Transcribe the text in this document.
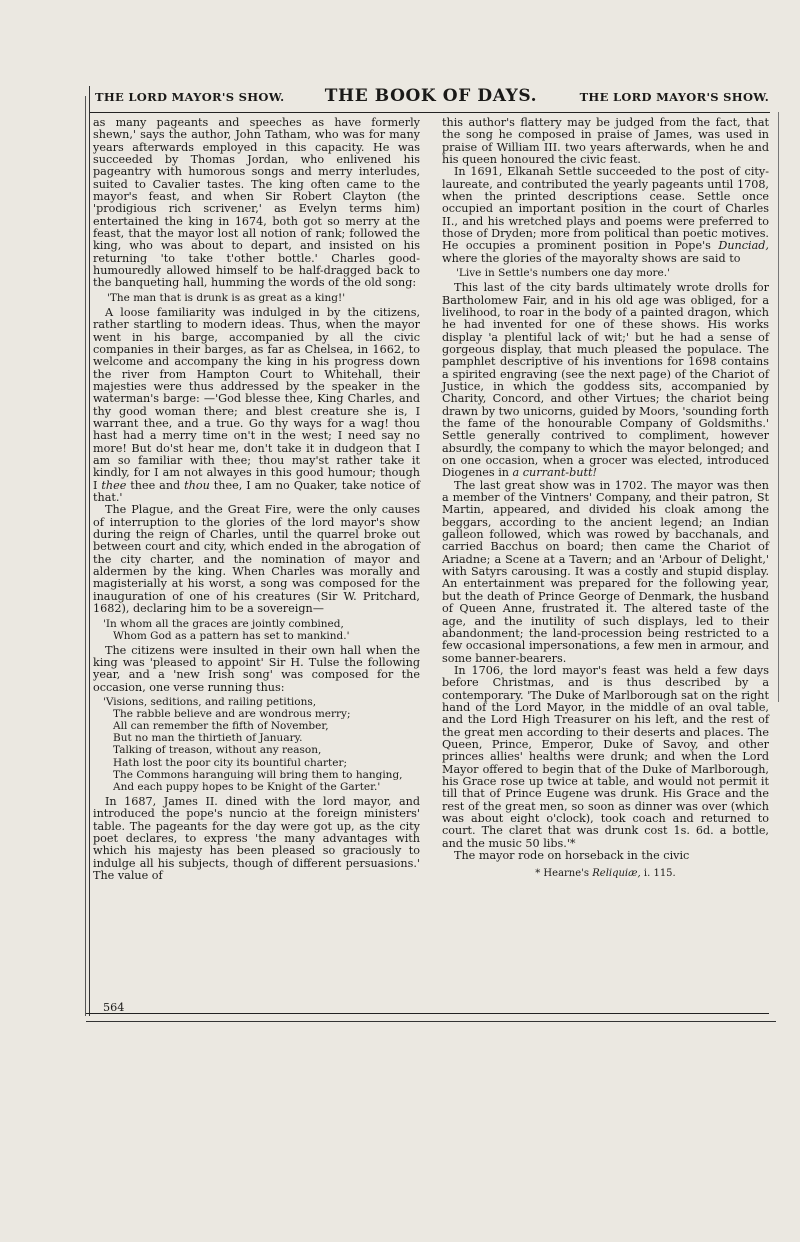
THE LORD MAYOR'S SHOW.	THE BOOK OF DAYS.	THE LORD MAYOR'S SHOW.

as many pageants and speeches as have formerly shewn,' says the author, John Tatham, who was for many years afterwards employed in this capacity. He was succeeded by Thomas Jordan, who enlivened his pageantry with humorous songs and merry interludes, suited to Cavalier tastes. The king often came to the mayor's feast, and when Sir Robert Clayton (the 'prodigious rich scrivener,' as Evelyn terms him) entertained the king in 1674, both got so merry at the feast, that the mayor lost all notion of rank; followed the king, who was about to depart, and insisted on his returning 'to take t'other bottle.' Charles good-humouredly allowed himself to be half-dragged back to the banqueting hall, humming the words of the old song:

'The man that is drunk is as great as a king!'

A loose familiarity was indulged in by the citizens, rather startling to modern ideas. Thus, when the mayor went in his barge, accompanied by all the civic companies in their barges, as far as Chelsea, in 1662, to welcome and accompany the king in his progress down the river from Hampton Court to Whitehall, their majesties were thus addressed by the speaker in the waterman's barge: —'God blesse thee, King Charles, and thy good woman there; and blest creature she is, I warrant thee, and a true. Go thy ways for a wag! thou hast had a merry time on't in the west; I need say no more! But do'st hear me, don't take it in dudgeon that I am so familiar with thee; thou may'st rather take it kindly, for I am not alwayes in this good humour; though I thee thee and thou thee, I am no Quaker, take notice of that.'

The Plague, and the Great Fire, were the only causes of interruption to the glories of the lord mayor's show during the reign of Charles, until the quarrel broke out between court and city, which ended in the abrogation of the city charter, and the nomination of mayor and aldermen by the king. When Charles was morally and magisterially at his worst, a song was composed for the inauguration of one of his creatures (Sir W. Pritchard, 1682), declaring him to be a sovereign—

'In whom all the graces are jointly combined,
Whom God as a pattern has set to mankind.'

The citizens were insulted in their own hall when the king was 'pleased to appoint' Sir H. Tulse the following year, and a 'new Irish song' was composed for the occasion, one verse running thus:

'Visions, seditions, and railing petitions,
The rabble believe and are wondrous merry;
All can remember the fifth of November,
But no man the thirtieth of January.
Talking of treason, without any reason,
Hath lost the poor city its bountiful charter;
The Commons haranguing will bring them to hanging,
And each puppy hopes to be Knight of the Garter.'

In 1687, James II. dined with the lord mayor, and introduced the pope's nuncio at the foreign ministers' table. The pageants for the day were got up, as the city poet declares, to express 'the many advantages with which his majesty has been pleased so graciously to indulge all his subjects, though of different persuasions.' The value of

564

this author's flattery may be judged from the fact, that the song he composed in praise of James, was used in praise of William III. two years afterwards, when he and his queen honoured the civic feast.

In 1691, Elkanah Settle succeeded to the post of city-laureate, and contributed the yearly pageants until 1708, when the printed descriptions cease. Settle once occupied an important position in the court of Charles II., and his wretched plays and poems were preferred to those of Dryden; more from political than poetic motives. He occupies a prominent position in Pope's Dunciad, where the glories of the mayoralty shows are said to

'Live in Settle's numbers one day more.'

This last of the city bards ultimately wrote drolls for Bartholomew Fair, and in his old age was obliged, for a livelihood, to roar in the body of a painted dragon, which he had invented for one of these shows. His works display 'a plentiful lack of wit;' but he had a sense of gorgeous display, that much pleased the populace. The pamphlet descriptive of his inventions for 1698 contains a spirited engraving (see the next page) of the Chariot of Justice, in which the goddess sits, accompanied by Charity, Concord, and other Virtues; the chariot being drawn by two unicorns, guided by Moors, 'sounding forth the fame of the honourable Company of Goldsmiths.' Settle generally contrived to compliment, however absurdly, the company to which the mayor belonged; and on one occasion, when a grocer was elected, introduced Diogenes in a currant-butt!

The last great show was in 1702. The mayor was then a member of the Vintners' Company, and their patron, St Martin, appeared, and divided his cloak among the beggars, according to the ancient legend; an Indian galleon followed, which was rowed by bacchanals, and carried Bacchus on board; then came the Chariot of Ariadne; a Scene at a Tavern; and an 'Arbour of Delight,' with Satyrs carousing. It was a costly and stupid display. An entertainment was prepared for the following year, but the death of Prince George of Denmark, the husband of Queen Anne, frustrated it. The altered taste of the age, and the inutility of such displays, led to their abandonment; the land-procession being restricted to a few occasional impersonations, a few men in armour, and some banner-bearers.

In 1706, the lord mayor's feast was held a few days before Christmas, and is thus described by a contemporary. 'The Duke of Marlborough sat on the right hand of the Lord Mayor, in the middle of an oval table, and the Lord High Treasurer on his left, and the rest of the great men according to their deserts and places. The Queen, Prince, Emperor, Duke of Savoy, and other princes allies' healths were drunk; and when the Lord Mayor offered to begin that of the Duke of Marlborough, his Grace rose up twice at table, and would not permit it till that of Prince Eugene was drunk. His Grace and the rest of the great men, so soon as dinner was over (which was about eight o'clock), took coach and returned to court. The claret that was drunk cost 1s. 6d. a bottle, and the music 50 libs.'*

The mayor rode on horseback in the civic

* Hearne's Reliquiæ, i. 115.
